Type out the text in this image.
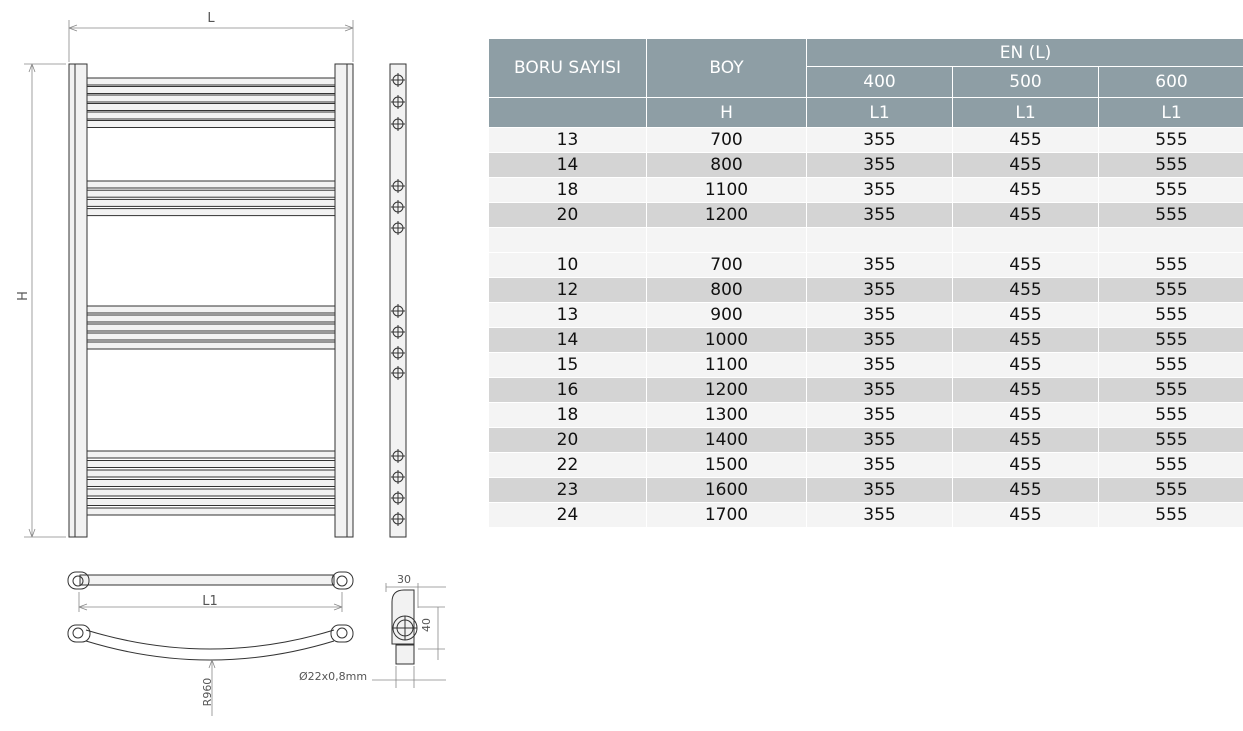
L
H
L1
R960
30
40
Ø22x0,8mm
BORU SAYISI	BOY	EN (L)		
		400	500	600
	H	L1	L1	L1
13	700	355	455	555
14	800	355	455	555
18	1100	355	455	555
20	1200	355	455	555

10	700	355	455	555
12	800	355	455	555
13	900	355	455	555
14	1000	355	455	555
15	1100	355	455	555
16	1200	355	455	555
18	1300	355	455	555
20	1400	355	455	555
22	1500	355	455	555
23	1600	355	455	555
24	1700	355	455	555
